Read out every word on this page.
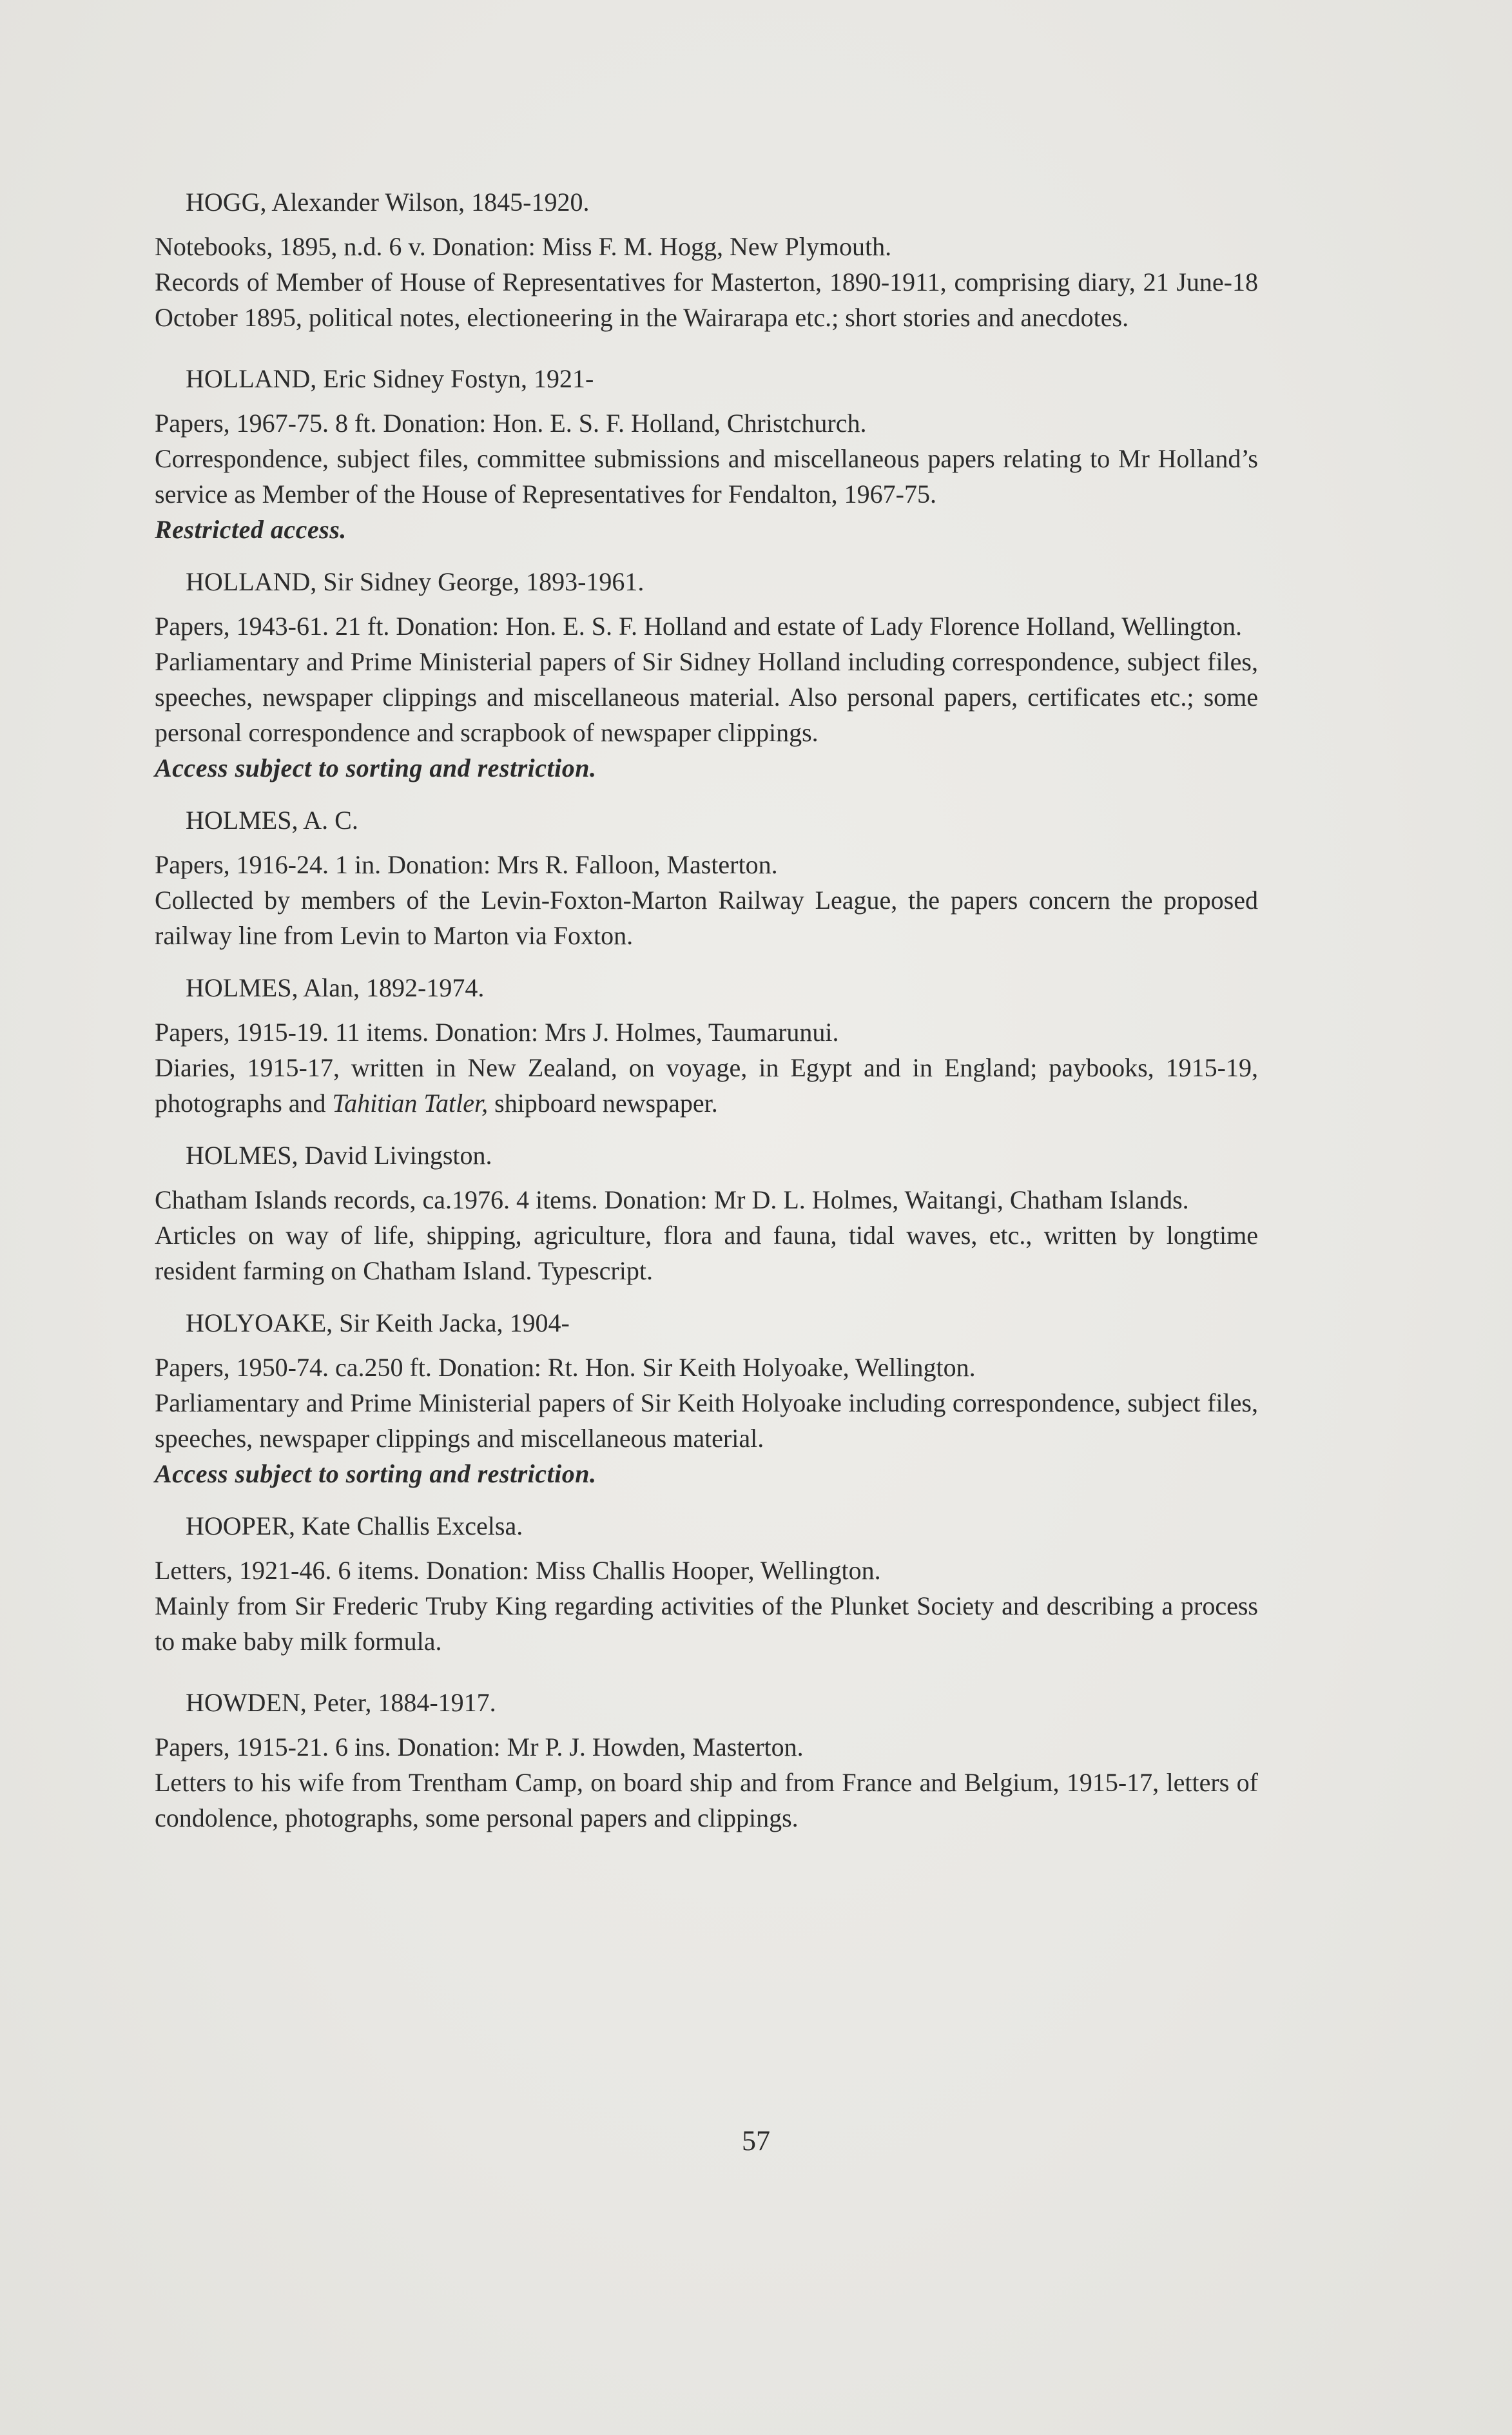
HOGG, Alexander Wilson, 1845-1920.
Notebooks, 1895, n.d. 6 v. Donation: Miss F. M. Hogg, New Plymouth.
Records of Member of House of Representatives for Masterton, 1890-1911, comprising diary, 21 June-18 October 1895, political notes, electioneering in the Wairarapa etc.; short stories and anecdotes.
HOLLAND, Eric Sidney Fostyn, 1921-
Papers, 1967-75. 8 ft. Donation: Hon. E. S. F. Holland, Christchurch.
Correspondence, subject files, committee submissions and miscellaneous papers relating to Mr Holland’s service as Member of the House of Representatives for Fendalton, 1967-75.
Restricted access.
HOLLAND, Sir Sidney George, 1893-1961.
Papers, 1943-61. 21 ft. Donation: Hon. E. S. F. Holland and estate of Lady Florence Holland, Wellington.
Parliamentary and Prime Ministerial papers of Sir Sidney Holland including correspondence, subject files, speeches, newspaper clippings and miscellaneous material. Also personal papers, certificates etc.; some personal correspondence and scrapbook of newspaper clippings.
Access subject to sorting and restriction.
HOLMES, A. C.
Papers, 1916-24. 1 in. Donation: Mrs R. Falloon, Masterton.
Collected by members of the Levin-Foxton-Marton Railway League, the papers concern the proposed railway line from Levin to Marton via Foxton.
HOLMES, Alan, 1892-1974.
Papers, 1915-19. 11 items. Donation: Mrs J. Holmes, Taumarunui.
Diaries, 1915-17, written in New Zealand, on voyage, in Egypt and in England; paybooks, 1915-19, photographs and Tahitian Tatler, shipboard newspaper.
HOLMES, David Livingston.
Chatham Islands records, ca.1976. 4 items. Donation: Mr D. L. Holmes, Waitangi, Chatham Islands.
Articles on way of life, shipping, agriculture, flora and fauna, tidal waves, etc., written by longtime resident farming on Chatham Island. Typescript.
HOLYOAKE, Sir Keith Jacka, 1904-
Papers, 1950-74. ca.250 ft. Donation: Rt. Hon. Sir Keith Holyoake, Wellington.
Parliamentary and Prime Ministerial papers of Sir Keith Holyoake including correspondence, subject files, speeches, newspaper clippings and miscellaneous material.
Access subject to sorting and restriction.
HOOPER, Kate Challis Excelsa.
Letters, 1921-46. 6 items. Donation: Miss Challis Hooper, Wellington.
Mainly from Sir Frederic Truby King regarding activities of the Plunket Society and describing a process to make baby milk formula.
HOWDEN, Peter, 1884-1917.
Papers, 1915-21. 6 ins. Donation: Mr P. J. Howden, Masterton.
Letters to his wife from Trentham Camp, on board ship and from France and Belgium, 1915-17, letters of condolence, photographs, some personal papers and clippings.
57
